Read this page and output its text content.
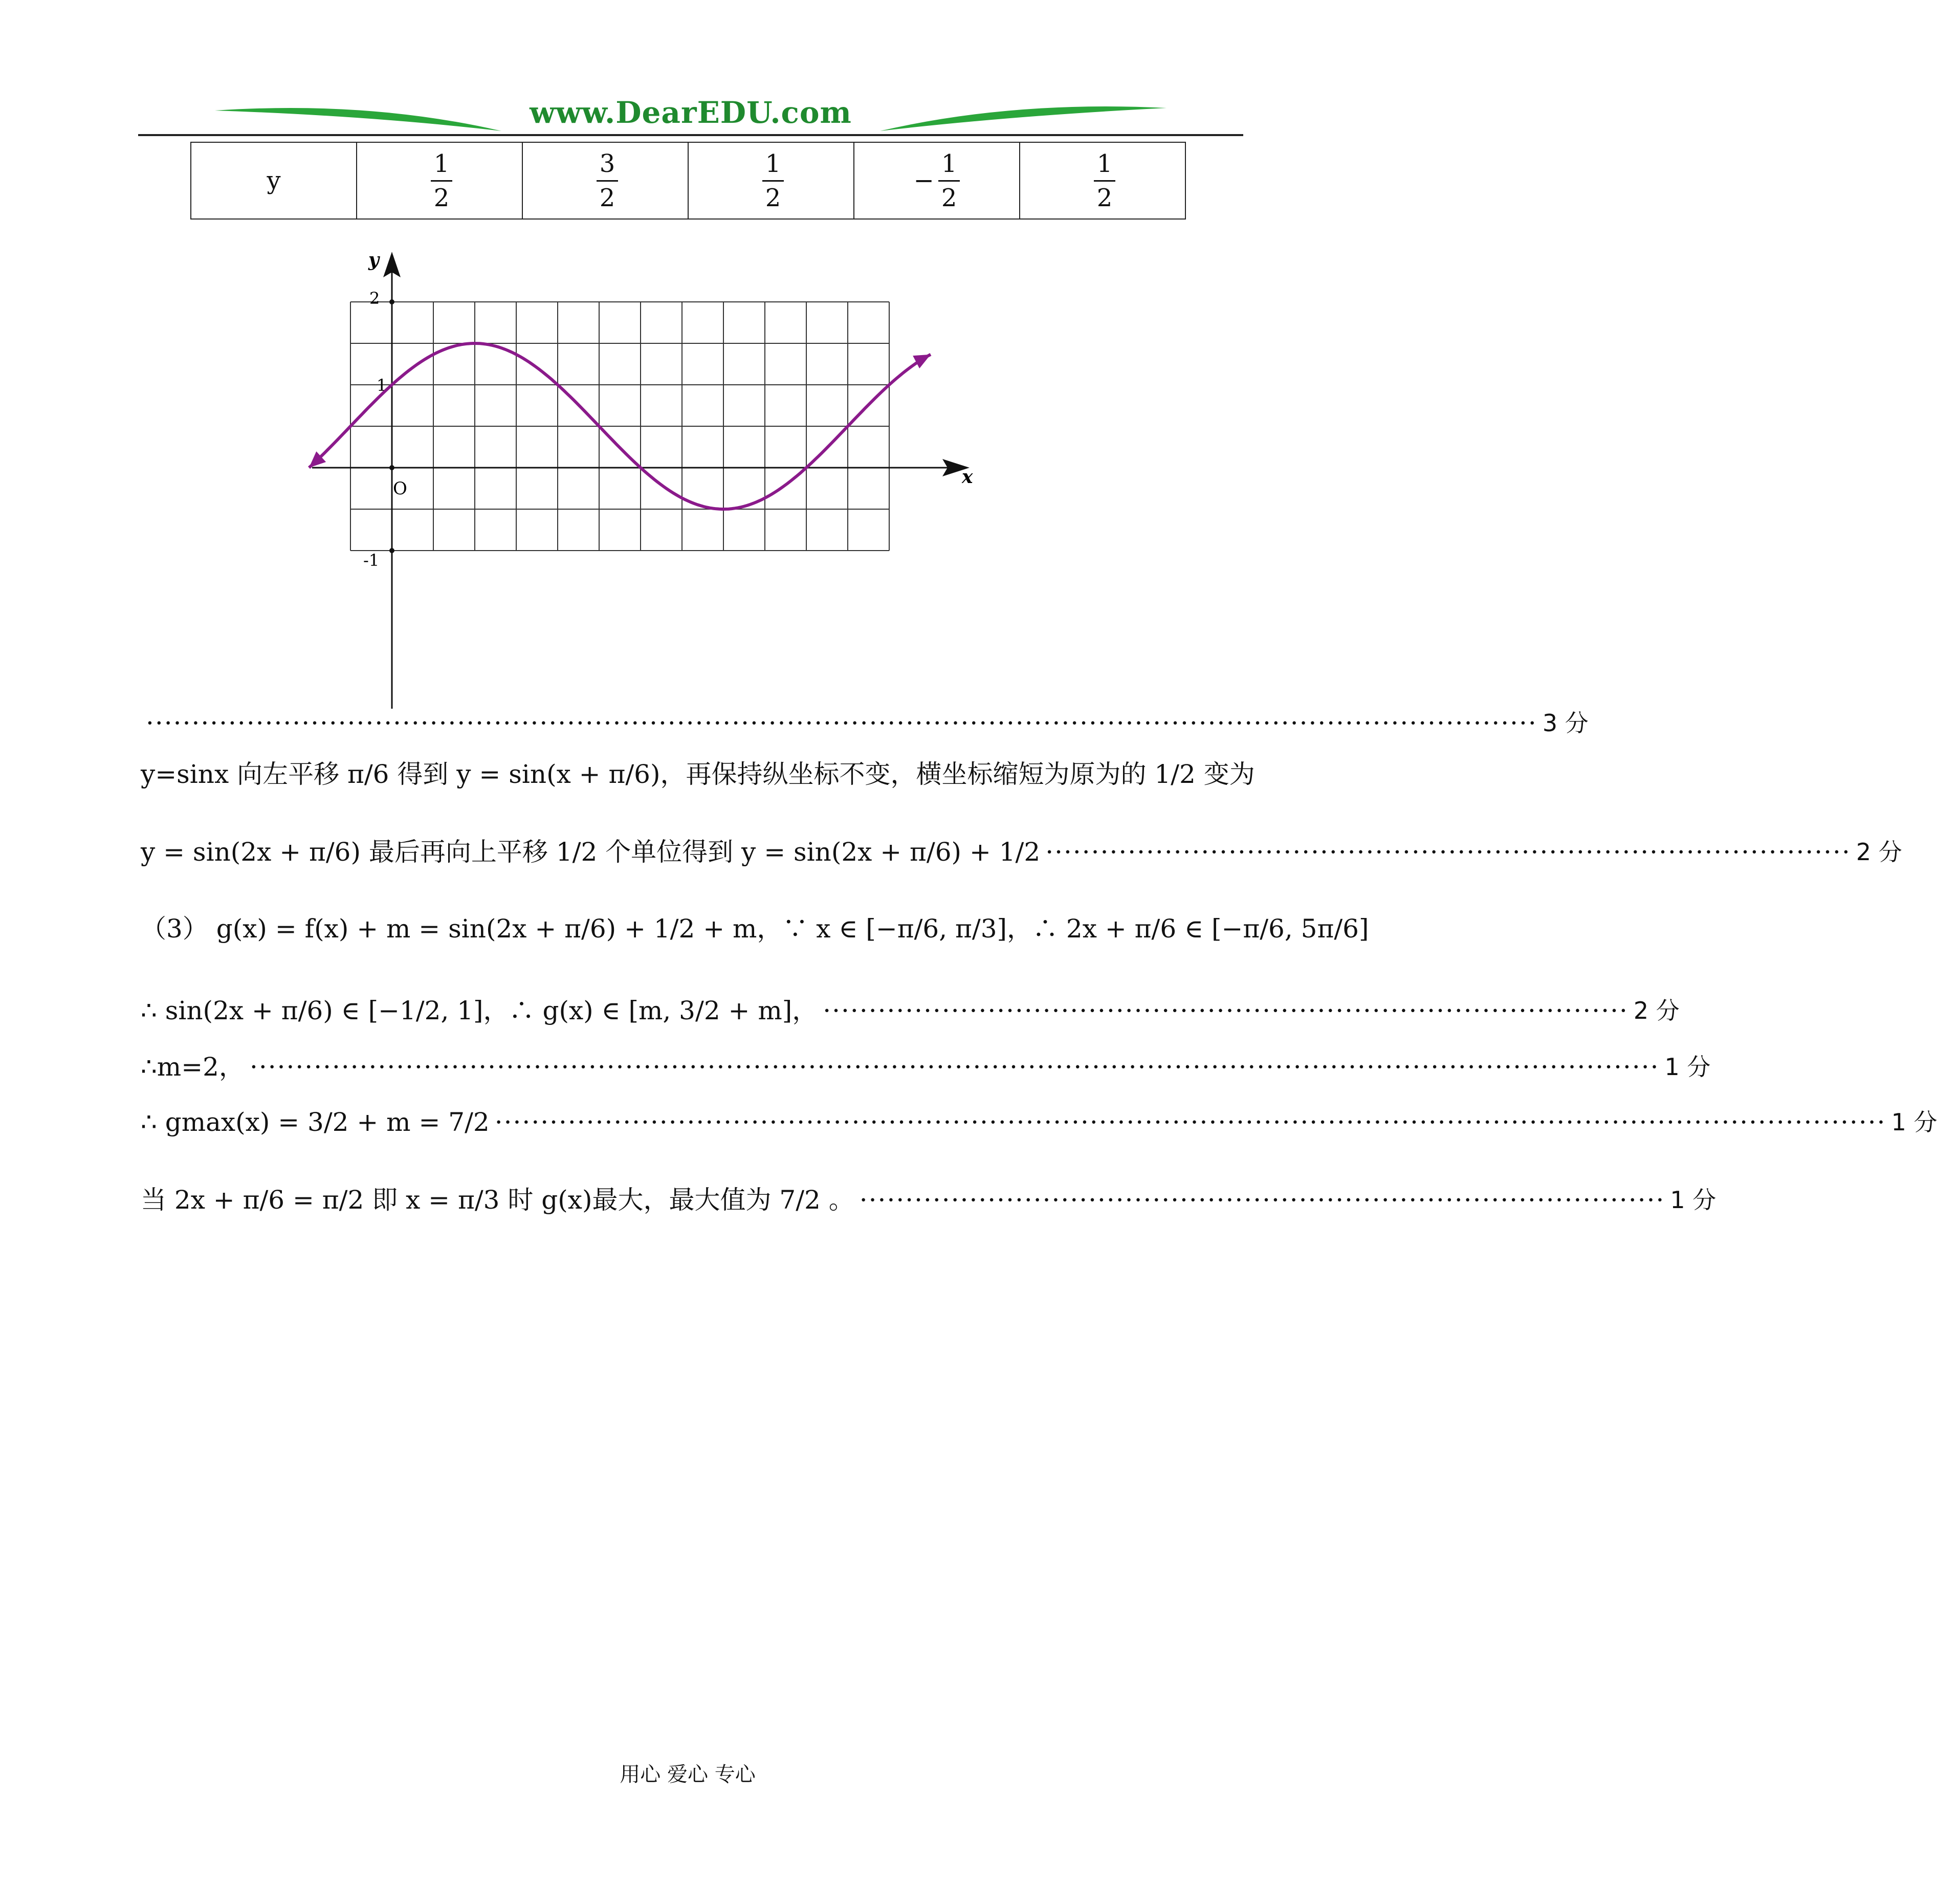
www.DearEDU.com
y	$\frac{1}{2}$	$\frac{3}{2}$	$\frac{1}{2}$	− $\frac{1}{2}$	$\frac{1}{2}$
x
y
O
2
1
-1
························································································································································ 3 分
y=sinx 向左平移 π/6 得到 y = sin(x + π/6)，再保持纵坐标不变，横坐标缩短为原为的 1/2 变为
y = sin(2x + π/6) 最后再向上平移 1/2 个单位得到 y = sin(2x + π/6) + 1/2 ························································································ 2 分
（3） g(x) = f(x) + m = sin(2x + π/6) + 1/2 + m，∵ x ∈ [−π/6, π/3]，∴ 2x + π/6 ∈ [−π/6, 5π/6]
∴ sin(2x + π/6) ∈ [−1/2, 1]，∴ g(x) ∈ [m, 3/2 + m]， ························································································ 2 分
∴m=2， ·························································································································································· 1 分
∴ gmax(x) = 3/2 + m = 7/2 ························································································································································ 1 分
当 2x + π/6 = π/2 即 x = π/3 时 g(x)最大，最大值为 7/2 。 ························································································ 1 分
用心 爱心 专心
